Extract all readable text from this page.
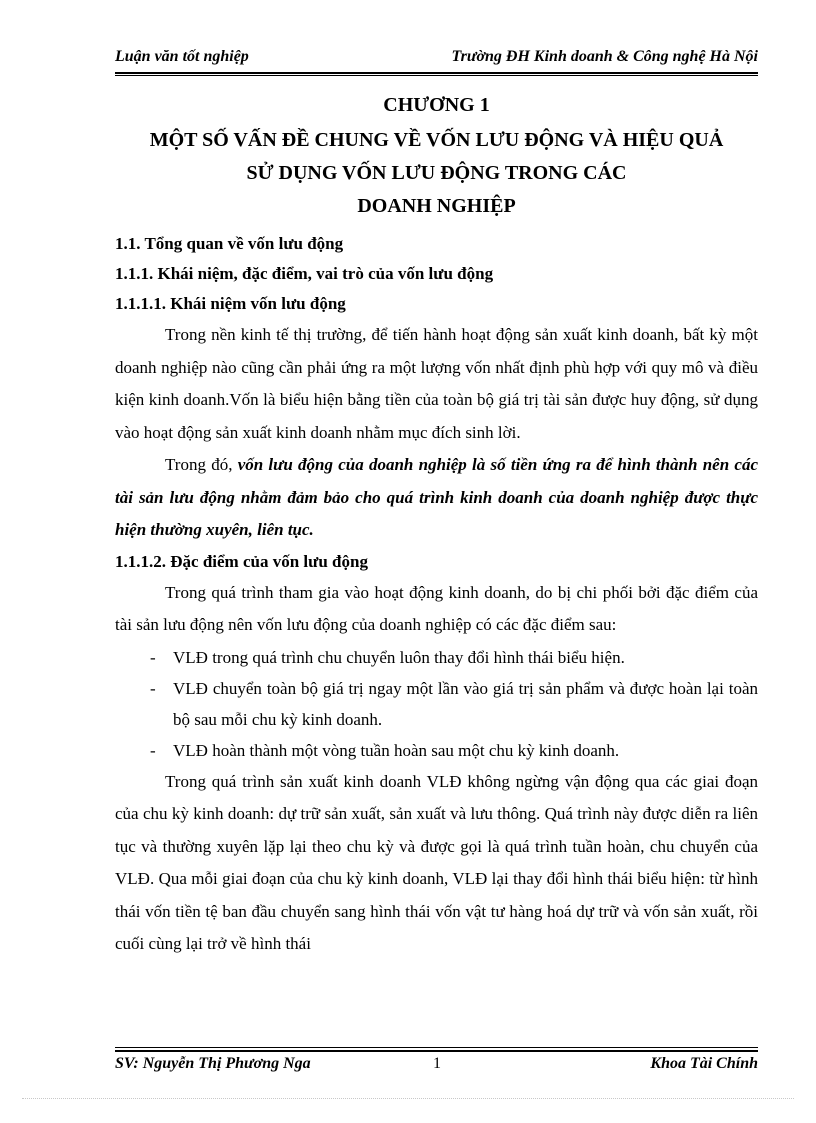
Luận văn tốt nghiệp	Trường ĐH Kinh doanh & Công nghệ Hà Nội
CHƯƠNG 1
MỘT SỐ VẤN ĐỀ CHUNG VỀ VỐN LƯU ĐỘNG VÀ HIỆU QUẢ
SỬ DỤNG VỐN LƯU ĐỘNG TRONG CÁC
DOANH NGHIỆP
1.1. Tổng quan về vốn lưu động
1.1.1. Khái niệm, đặc điểm, vai trò của vốn lưu động
1.1.1.1. Khái niệm vốn lưu động

Trong nền kinh tế thị trường, để tiến hành hoạt động sản xuất kinh doanh, bất kỳ một doanh nghiệp nào cũng cần phải ứng ra một lượng vốn nhất định phù hợp với quy mô và điều kiện kinh doanh.Vốn là biểu hiện bằng tiền của toàn bộ giá trị tài sản được huy động, sử dụng vào hoạt động sản xuất kinh doanh nhằm mục đích sinh lời.

Trong đó, vốn lưu động của doanh nghiệp là số tiền ứng ra để hình thành nên các tài sản lưu động nhằm đảm bảo cho quá trình kinh doanh của doanh nghiệp được thực hiện thường xuyên, liên tục.

1.1.1.2. Đặc điểm của vốn lưu động

Trong quá trình tham gia vào hoạt động kinh doanh, do bị chi phối bởi đặc điểm của tài sản lưu động nên vốn lưu động của doanh nghiệp có các đặc điểm sau:

- VLĐ trong quá trình chu chuyển luôn thay đổi hình thái biểu hiện.
- VLĐ chuyển toàn bộ giá trị ngay một lần vào giá trị sản phẩm và được hoàn lại toàn bộ sau mỗi chu kỳ kinh doanh.
- VLĐ hoàn thành một vòng tuần hoàn sau một chu kỳ kinh doanh.

Trong quá trình sản xuất kinh doanh VLĐ không ngừng vận động qua các giai đoạn của chu kỳ kinh doanh: dự trữ sản xuất, sản xuất và lưu thông. Quá trình này được diễn ra liên tục và thường xuyên lặp lại theo chu kỳ và được gọi là quá trình tuần hoàn, chu chuyển của VLĐ. Qua mỗi giai đoạn của chu kỳ kinh doanh, VLĐ lại thay đổi hình thái biểu hiện: từ hình thái vốn tiền tệ ban đầu chuyển sang hình thái vốn vật tư hàng hoá dự trữ và vốn sản xuất, rồi cuối cùng lại trở về hình thái

SV: Nguyễn Thị Phương Nga	1	Khoa Tài Chính
